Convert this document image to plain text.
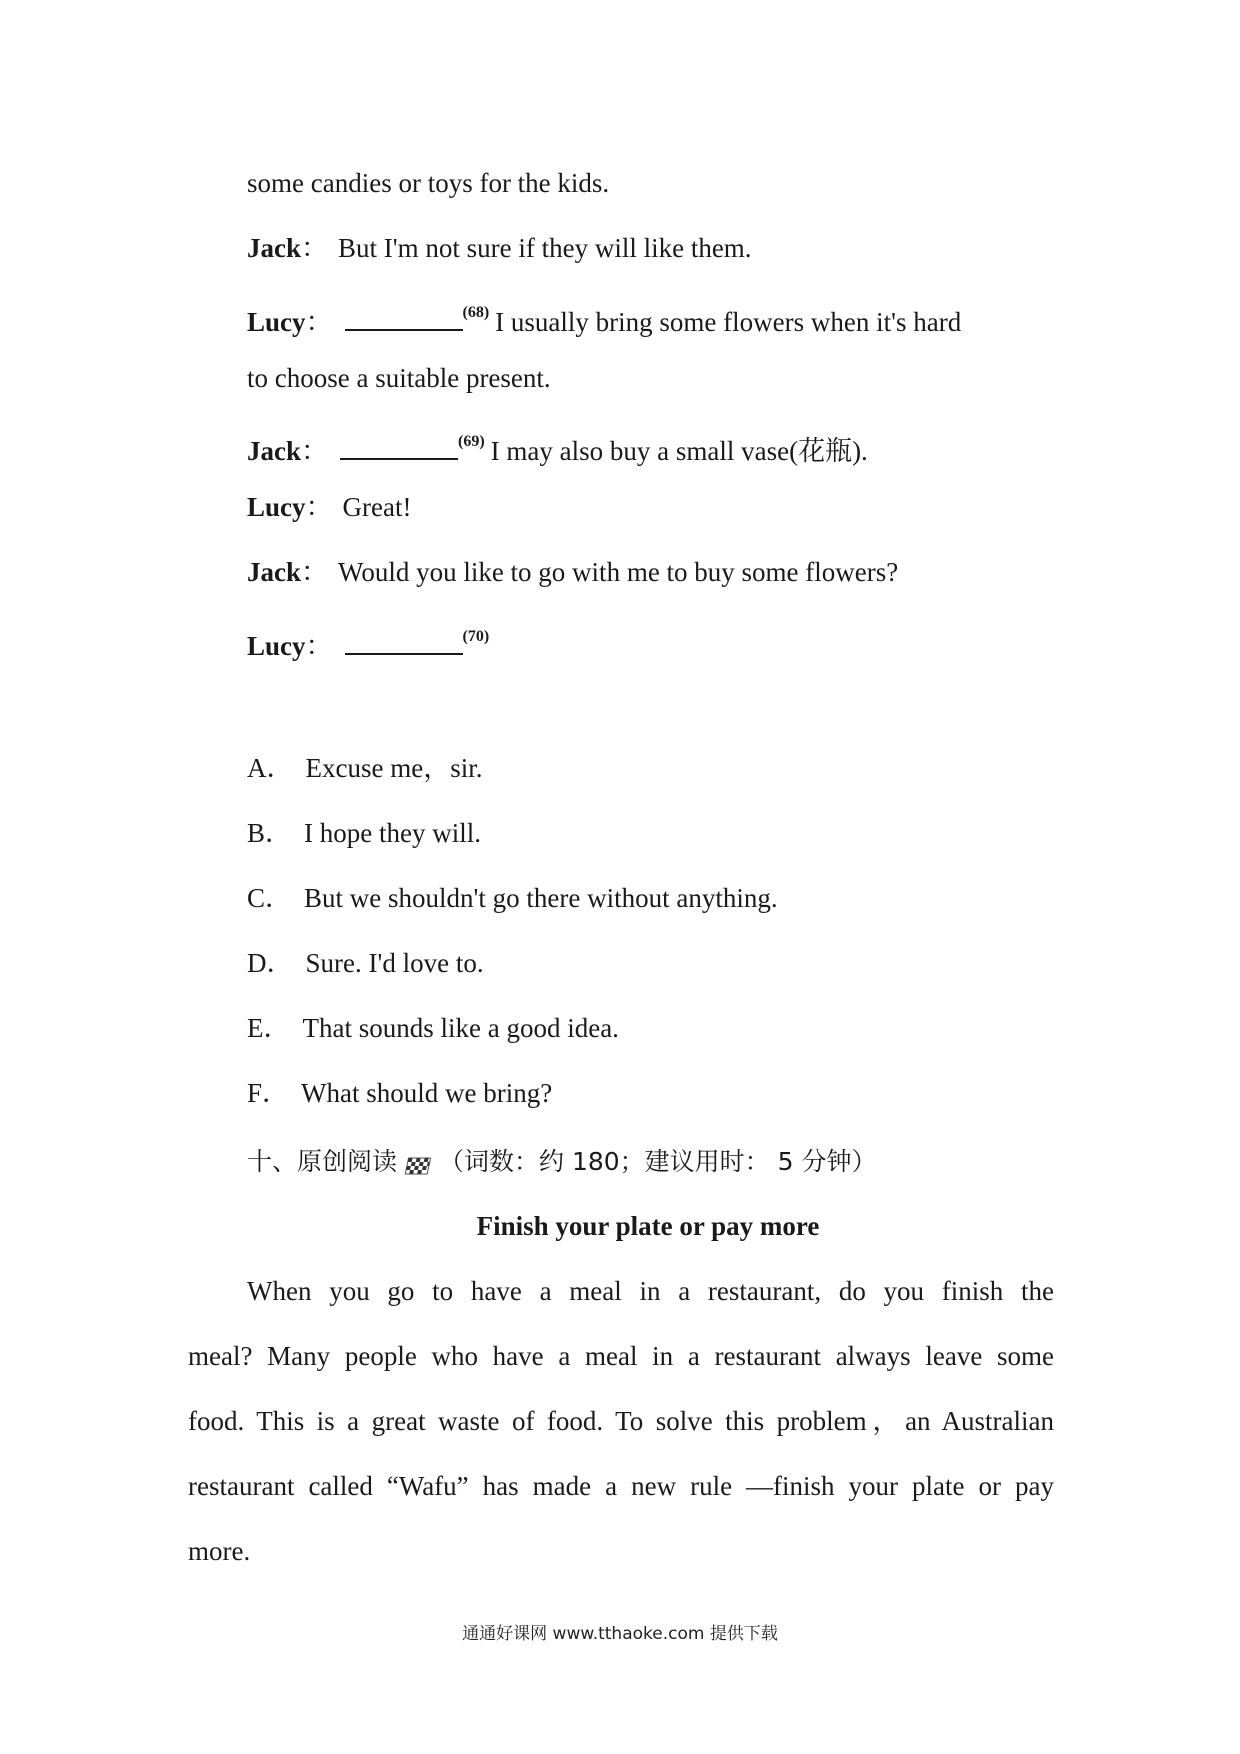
some candies or toys for the kids.
Jack： But I'm not sure if they will like them.
Lucy：	$^{(68)}$ I usually bring some flowers when it's hard
to choose a suitable present.
Jack：	$^{(69)}$ I may also buy a small vase(花瓶).
Lucy： Great!
Jack： Would you like to go with me to buy some flowers?
Lucy：	$^{(70)}$
A． Excuse me，sir.
B． I hope they will.
C． But we shouldn't go there without anything.
D． Sure. I'd love to.
E． That sounds like a good idea.
F． What should we bring?
十、原创阅读 （词数：约 180；建议用时： 5 分钟）
Finish your plate or pay more
When you go to have a meal in a restaurant, do you finish the
meal? Many people who have a meal in a restaurant always leave some
food. This is a great waste of food. To solve this problem，an Australian
restaurant called “Wafu” has made a new rule —finish your plate or pay
more.
通通好课网 www.tthaoke.com 提供下载
